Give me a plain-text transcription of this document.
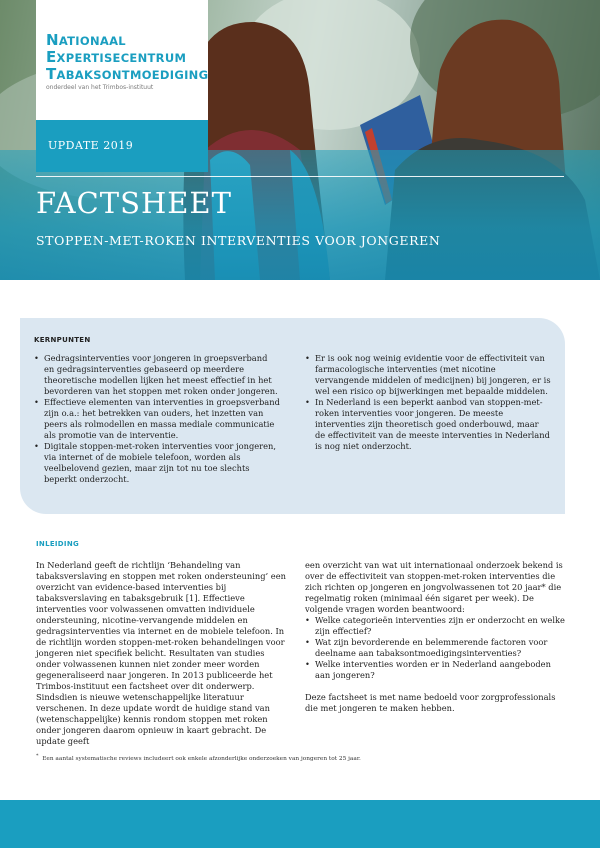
NATIONAAL
EXPERTISECENTRUM
TABAKSONTMOEDIGING
onderdeel van het Trimbos-instituut
UPDATE 2019
FACTSHEET
STOPPEN-MET-ROKEN INTERVENTIES VOOR JONGEREN
KERNPUNTEN
• Gedragsinterventies voor jongeren in groepsverband en gedragsinterventies gebaseerd op meerdere theoretische modellen lijken het meest effectief in het bevorderen van het stoppen met roken onder jongeren.
• Effectieve elementen van interventies in groepsverband zijn o.a.: het betrekken van ouders, het inzetten van peers als rolmodellen en massa mediale communicatie als promotie van de interventie.
• Digitale stoppen-met-roken interventies voor jongeren, via internet of de mobiele telefoon, worden als veelbelovend gezien, maar zijn tot nu toe slechts beperkt onderzocht.
• Er is ook nog weinig evidentie voor de effectiviteit van farmacologische interventies (met nicotine vervangende middelen of medicijnen) bij jongeren, er is wel een risico op bijwerkingen met bepaalde middelen.
• In Nederland is een beperkt aanbod van stoppen-met-roken interventies voor jongeren. De meeste interventies zijn theoretisch goed onderbouwd, maar de effectiviteit van de meeste interventies in Nederland is nog niet onderzocht.
INLEIDING

In Nederland geeft de richtlijn ‘Behandeling van tabaksverslaving en stoppen met roken ondersteuning’ een overzicht van evidence-based interventies bij tabaksverslaving en tabaksgebruik [1]. Effectieve interventies voor volwassenen omvatten individuele ondersteuning, nicotine-vervangende middelen en gedragsinterventies via internet en de mobiele telefoon. In de richtlijn worden stoppen-met-roken behandelingen voor jongeren niet specifiek belicht. Resultaten van studies onder volwassenen kunnen niet zonder meer worden gegeneraliseerd naar jongeren. In 2013 publiceerde het Trimbos-instituut een factsheet over dit onderwerp. Sindsdien is nieuwe wetenschappelijke literatuur verschenen. In deze update wordt de huidige stand van (wetenschappelijke) kennis rondom stoppen met roken onder jongeren daarom opnieuw in kaart gebracht. De update geeft

een overzicht van wat uit internationaal onderzoek bekend is over de effectiviteit van stoppen-met-roken interventies die zich richten op jongeren en jongvolwassenen tot 20 jaar* die regelmatig roken (minimaal één sigaret per week). De volgende vragen worden beantwoord:

• Welke categorieën interventies zijn er onderzocht en welke zijn effectief?
• Wat zijn bevorderende en belemmerende factoren voor deelname aan tabaksontmoedigingsinterventies?
• Welke interventies worden er in Nederland aangeboden aan jongeren?

Deze factsheet is met name bedoeld voor zorgprofessionals die met jongeren te maken hebben.

* Een aantal systematische reviews includeert ook enkele afzonderlijke onderzoeken van jongeren tot 25 jaar.
